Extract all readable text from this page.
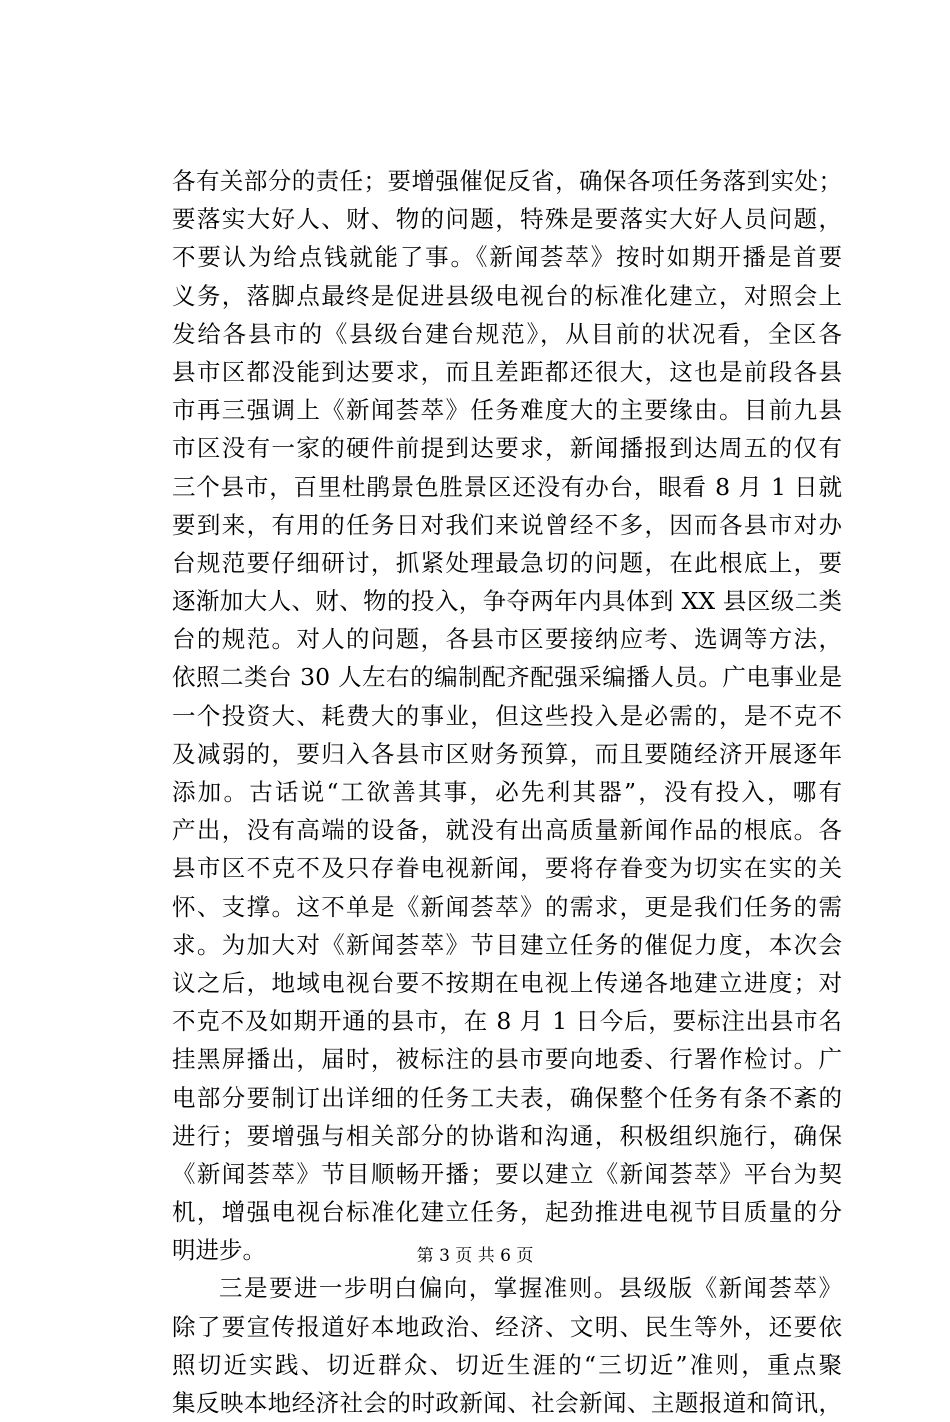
各有关部分的责任；要增强催促反省，确保各项任务落到实处；
要落实大好人、财、物的问题，特殊是要落实大好人员问题，
不要认为给点钱就能了事。《新闻荟萃》按时如期开播是首要
义务，落脚点最终是促进县级电视台的标准化建立，对照会上
发给各县市的《县级台建台规范》，从目前的状况看，全区各
县市区都没能到达要求，而且差距都还很大，这也是前段各县
市再三强调上《新闻荟萃》任务难度大的主要缘由。目前九县
市区没有一家的硬件前提到达要求，新闻播报到达周五的仅有
三个县市，百里杜鹃景色胜景区还没有办台，眼看 8 月 1 日就
要到来，有用的任务日对我们来说曾经不多，因而各县市对办
台规范要仔细研讨，抓紧处理最急切的问题，在此根底上，要
逐渐加大人、财、物的投入，争夺两年内具体到 XX 县区级二类
台的规范。对人的问题，各县市区要接纳应考、选调等方法，
依照二类台 30 人左右的编制配齐配强采编播人员。广电事业是
一个投资大、耗费大的事业，但这些投入是必需的，是不克不
及减弱的，要归入各县市区财务预算，而且要随经济开展逐年
添加。古话说“工欲善其事，必先利其器”，没有投入，哪有
产出，没有高端的设备，就没有出高质量新闻作品的根底。各
县市区不克不及只存眷电视新闻，要将存眷变为切实在实的关
怀、支撑。这不单是《新闻荟萃》的需求，更是我们任务的需
求。为加大对《新闻荟萃》节目建立任务的催促力度，本次会
议之后，地域电视台要不按期在电视上传递各地建立进度；对
不克不及如期开通的县市，在 8 月 1 日今后，要标注出县市名
挂黑屏播出，届时，被标注的县市要向地委、行署作检讨。广
电部分要制订出详细的任务工夫表，确保整个任务有条不紊的
进行；要增强与相关部分的协谐和沟通，积极组织施行，确保
《新闻荟萃》节目顺畅开播；要以建立《新闻荟萃》平台为契
机，增强电视台标准化建立任务，起劲推进电视节目质量的分
明进步。
三是要进一步明白偏向，掌握准则。县级版《新闻荟萃》
除了要宣传报道好本地政治、经济、文明、民生等外，还要依
照切近实践、切近群众、切近生涯的“三切近”准则，重点聚
集反映本地经济社会的时政新闻、社会新闻、主题报道和简讯，
第 3 页 共 6 页
